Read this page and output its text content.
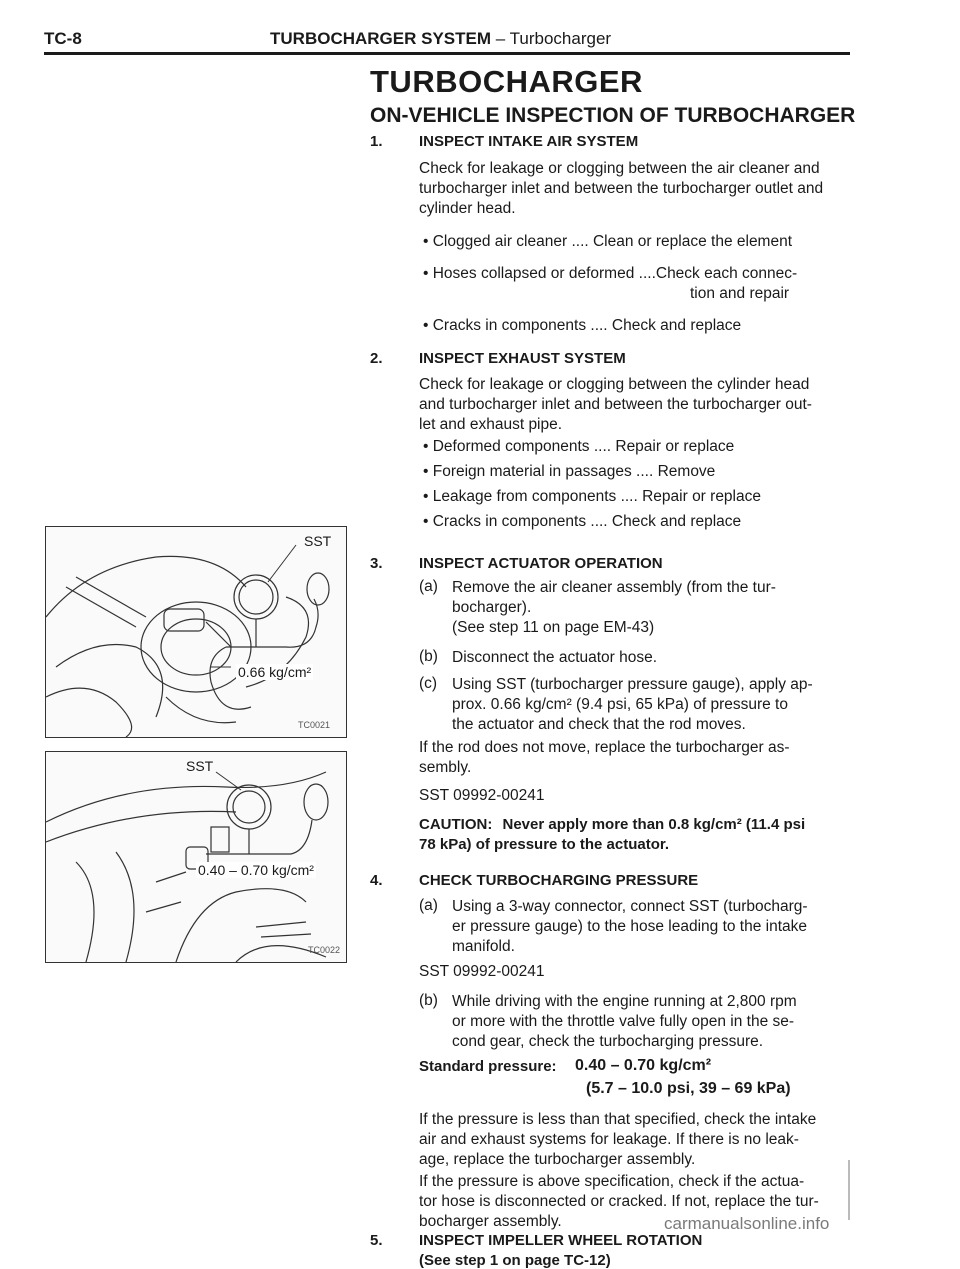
TC-8	TURBOCHARGER SYSTEM – Turbocharger
TURBOCHARGER
ON-VEHICLE INSPECTION OF TURBOCHARGER
1. INSPECT INTAKE AIR SYSTEM
Check for leakage or clogging between the air cleaner and
turbocharger inlet and between the turbocharger outlet and
cylinder head.
• Clogged air cleaner .... Clean or replace the element
• Hoses collapsed or deformed ....Check each connec-
tion and repair
• Cracks in components .... Check and replace
2. INSPECT EXHAUST SYSTEM
Check for leakage or clogging between the cylinder head
and turbocharger inlet and between the turbocharger out-
let and exhaust pipe.
• Deformed components .... Repair or replace
• Foreign material in passages .... Remove
• Leakage from components .... Repair or replace
• Cracks in components .... Check and replace
3. INSPECT ACTUATOR OPERATION
(a) Remove the air cleaner assembly (from the tur-
bocharger).
(See step 11 on page EM-43)
(b) Disconnect the actuator hose.
(c) Using SST (turbocharger pressure gauge), apply ap-
prox. 0.66 kg/cm² (9.4 psi, 65 kPa) of pressure to
the actuator and check that the rod moves.
If the rod does not move, replace the turbocharger as-
sembly.
SST 09992-00241
CAUTION: Never apply more than 0.8 kg/cm² (11.4 psi
78 kPa) of pressure to the actuator.
4. CHECK TURBOCHARGING PRESSURE
(a) Using a 3-way connector, connect SST (turbocharg-
er pressure gauge) to the hose leading to the intake
manifold.
SST 09992-00241
(b) While driving with the engine running at 2,800 rpm
or more with the throttle valve fully open in the se-
cond gear, check the turbocharging pressure.
Standard pressure: 0.40 – 0.70 kg/cm²
(5.7 – 10.0 psi, 39 – 69 kPa)
If the pressure is less than that specified, check the intake
air and exhaust systems for leakage. If there is no leak-
age, replace the turbocharger assembly.
If the pressure is above specification, check if the actua-
tor hose is disconnected or cracked. If not, replace the tur-
bocharger assembly.
5. INSPECT IMPELLER WHEEL ROTATION
(See step 1 on page TC-12)
SST
0.66 kg/cm²
TC0021
SST
0.40 – 0.70 kg/cm²
TC0022
carmanualsonline.info
